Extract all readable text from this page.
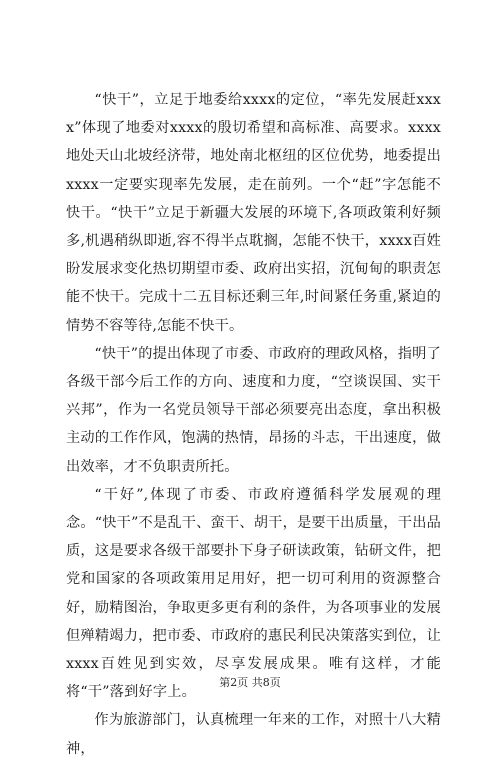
“快干”，立足于地委给xxxx的定位，“率先发展赶xxxx”体现了地委对xxxx的殷切希望和高标准、高要求。xxxx地处天山北坡经济带，地处南北枢纽的区位优势，地委提出xxxx一定要实现率先发展，走在前列。一个“赶”字怎能不快干。“快干”立足于新疆大发展的环境下,各项政策利好频多,机遇稍纵即逝,容不得半点耽搁，怎能不快干，xxxx百姓盼发展求变化热切期望市委、政府出实招，沉甸甸的职责怎能不快干。完成十二五目标还剩三年,时间紧任务重,紧迫的情势不容等待,怎能不快干。

“快干”的提出体现了市委、市政府的理政风格，指明了各级干部今后工作的方向、速度和力度，“空谈误国、实干兴邦”，作为一名党员领导干部必须要亮出态度，拿出积极主动的工作作风，饱满的热情，昂扬的斗志，干出速度，做出效率，才不负职责所托。

“干好”,体现了市委、市政府遵循科学发展观的理念。“快干”不是乱干、蛮干、胡干，是要干出质量，干出品质，这是要求各级干部要扑下身子研读政策，钻研文件，把党和国家的各项政策用足用好，把一切可利用的资源整合好，励精图治，争取更多更有利的条件，为各项事业的发展但殚精竭力，把市委、市政府的惠民利民决策落实到位，让xxxx百姓见到实效，尽享发展成果。唯有这样，才能将“干”落到好字上。

作为旅游部门，认真梳理一年来的工作，对照十八大精神，

第2页 共8页
